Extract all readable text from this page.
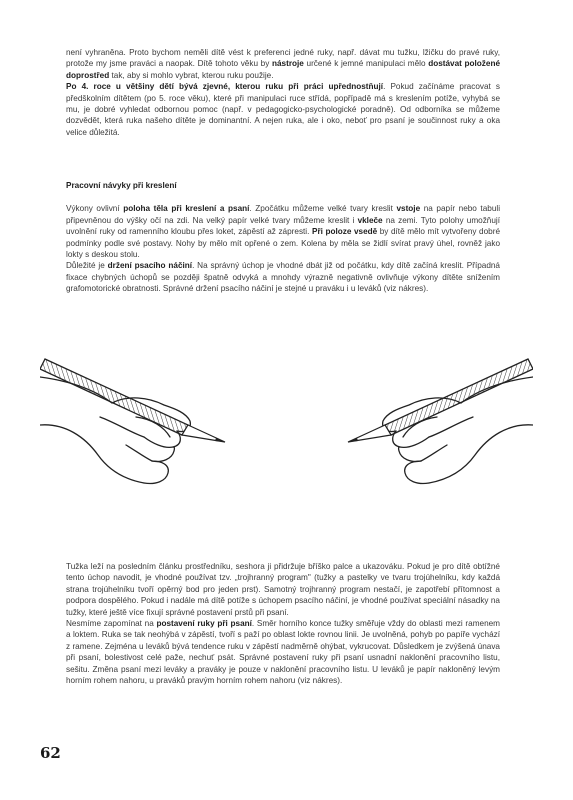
není vyhraněna. Proto bychom neměli dítě vést k preferenci jedné ruky, např. dávat mu tužku, lžičku do pravé ruky, protože my jsme praváci a naopak. Dítě tohoto věku by nástroje určené k jemné manipulaci mělo dostávat položené doprostřed tak, aby si mohlo vybrat, kterou ruku použije.

Po 4. roce u většiny dětí bývá zjevné, kterou ruku při práci upřednostňují. Pokud začínáme pracovat s předškolním dítětem (po 5. roce věku), které při manipulaci ruce střídá, popřípadě má s kreslením potíže, vyhybá se mu, je dobré vyhledat odbornou pomoc (např. v pedagogicko-psychologické poradně). Od odborníka se můžeme dozvědět, která ruka našeho dítěte je dominantní. A nejen ruka, ale i oko, neboť pro psaní je součinnost ruky a oka velice důležitá.

Pracovní návyky při kreslení

Výkony ovlivní poloha těla při kreslení a psaní. Zpočátku můžeme velké tvary kreslit vstoje na papír nebo tabuli připevněnou do výšky očí na zdi. Na velký papír velké tvary můžeme kreslit i vkleče na zemi. Tyto polohy umožňují uvolnění ruky od ramenního kloubu přes loket, zápěstí až zápresti. Při poloze vsedě by dítě mělo mít vytvořeny dobré podmínky podle své postavy. Nohy by mělo mít opřené o zem. Kolena by měla se židlí svírat pravý úhel, rovněž jako lokty s deskou stolu.

Důležité je držení psacího náčiní. Na správný úchop je vhodné dbát již od počátku, kdy dítě začíná kreslit. Případná fixace chybných úchopů se později špatně odvyká a mnohdy výrazně negativně ovlivňuje výkony dítěte snížením grafomotorické obratnosti. Správné držení psacího náčiní je stejné u praváku i u leváků (viz nákres).

Tužka leží na posledním článku prostředníku, seshora ji přidržuje bříško palce a ukazováku. Pokud je pro dítě obtížné tento úchop navodit, je vhodné používat tzv. „trojhranný program" (tužky a pastelky ve tvaru trojúhelníku, kdy každá strana trojúhelníku tvoří opěrný bod pro jeden prst). Samotný trojhranný program nestačí, je zapotřebí přítomnost a podpora dospělého. Pokud i nadále má dítě potíže s úchopem psacího náčiní, je vhodné používat speciální násadky na tužky, které ještě více fixují správné postavení prstů při psaní.

Nesmíme zapomínat na postavení ruky při psaní. Směr horního konce tužky směřuje vždy do oblasti mezi ramenem a loktem. Ruka se tak neohýbá v zápěstí, tvoří s paží po oblast lokte rovnou linii. Je uvolněná, pohyb po papíře vychází z ramene. Zejména u leváků bývá tendence ruku v zápěstí nadměrně ohýbat, vykrucovat. Důsledkem je zvýšená únava při psaní, bolestivost celé paže, nechuť psát. Správné postavení ruky při psaní usnadní naklonění pracovního listu, sešitu. Změna psaní mezi leváky a praváky je pouze v naklonění pracovního listu. U leváků je papír nakloněný levým horním rohem nahoru, u praváků pravým horním rohem nahoru (viz nákres).

62
